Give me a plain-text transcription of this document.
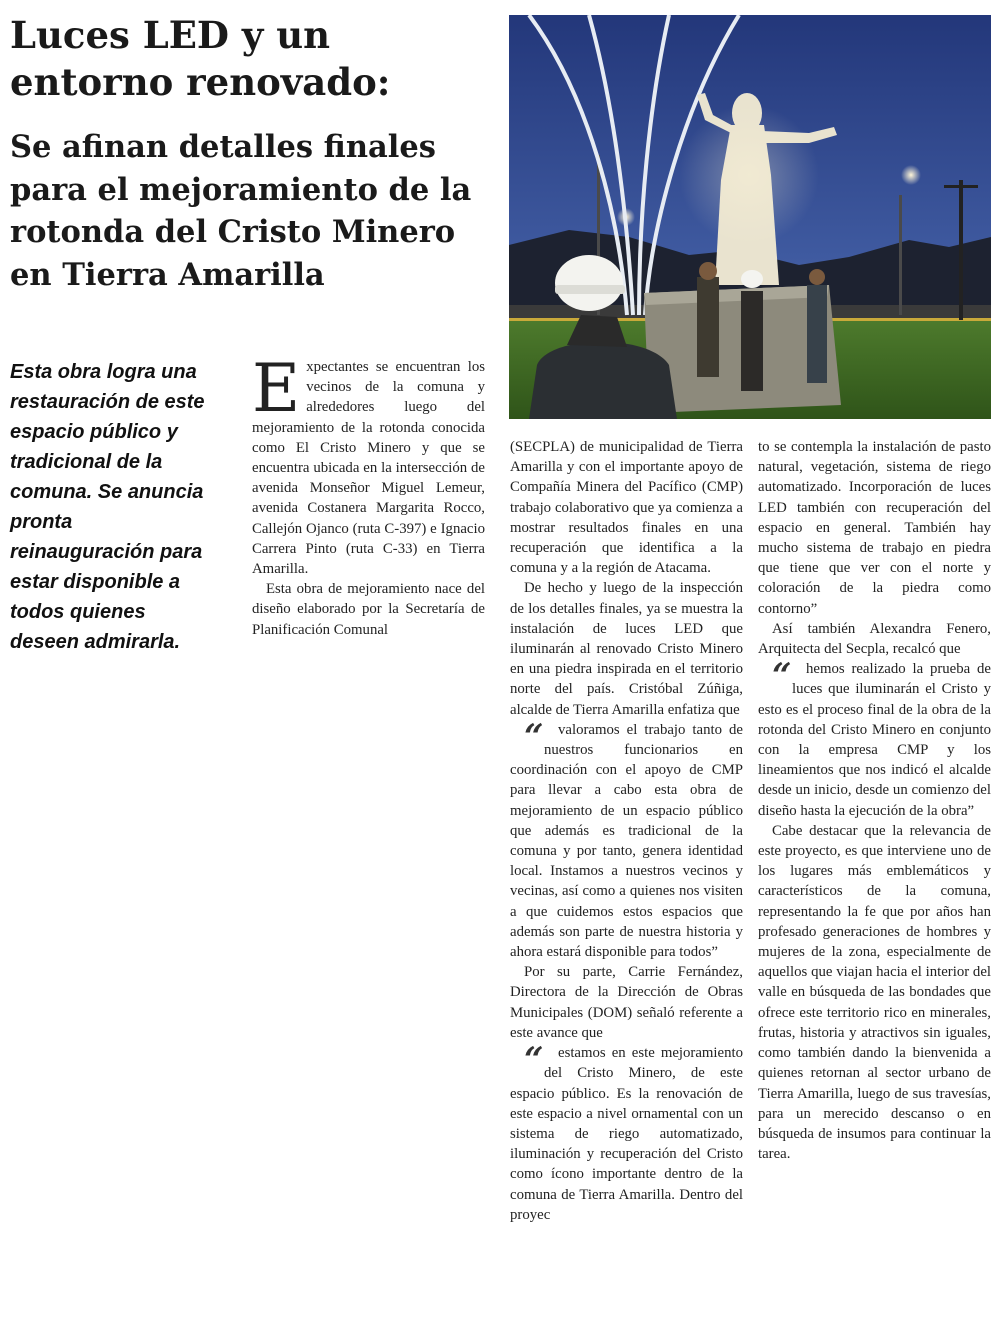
Luces LED y un entorno renovado:
Se afinan detalles finales para el mejoramiento de la rotonda del Cristo Minero en Tierra Amarilla

Esta obra logra una restauración de este espacio público y tradicional de la comuna. Se anuncia pronta reinauguración para estar disponible a todos quienes deseen admirarla.

Expectantes se encuentran los vecinos de la comuna y alrededores luego del mejoramiento de la rotonda conocida como El Cristo Minero y que se encuentra ubicada en la intersección de avenida Monseñor Miguel Lemeur, avenida Costanera Margarita Rocco, Callejón Ojanco (ruta C-397) e Ignacio Carrera Pinto (ruta C-33) en Tierra Amarilla.

Esta obra de mejoramiento nace del diseño elaborado por la Secretaría de Planificación Comunal

(SECPLA) de municipalidad de Tierra Amarilla y con el importante apoyo de Compañía Minera del Pacífico (CMP) trabajo colaborativo que ya comienza a mostrar resultados finales en una recuperación que identifica a la comuna y a la región de Atacama.

De hecho y luego de la inspección de los detalles finales, ya se muestra la instalación de luces LED que iluminarán al renovado Cristo Minero en una piedra inspirada en el territorio norte del país. Cristóbal Zúñiga, alcalde de Tierra Amarilla enfatiza que

“ valoramos el trabajo tanto de nuestros funcionarios en coordinación con el apoyo de CMP para llevar a cabo esta obra de mejoramiento de un espacio público que además es tradicional de la comuna y por tanto, genera identidad local. Instamos a nuestros vecinos y vecinas, así como a quienes nos visiten a que cuidemos estos espacios que además son parte de nuestra historia y ahora estará disponible para todos”

Por su parte, Carrie Fernández, Directora de la Dirección de Obras Municipales (DOM) señaló referente a este avance que

“ estamos en este mejoramiento del Cristo Minero, de este espacio público. Es la renovación de este espacio a nivel ornamental con un sistema de riego automatizado, iluminación y recuperación del Cristo como ícono importante dentro de la comuna de Tierra Amarilla. Dentro del proyec

to se contempla la instalación de pasto natural, vegetación, sistema de riego automatizado. Incorporación de luces LED también con recuperación del espacio en general. También hay mucho sistema de trabajo en piedra que tiene que ver con el norte y coloración de la piedra como contorno”

Así también Alexandra Fenero, Arquitecta del Secpla, recalcó que

“ hemos realizado la prueba de luces que iluminarán el Cristo y esto es el proceso final de la obra de la rotonda del Cristo Minero en conjunto con la empresa CMP y los lineamientos que nos indicó el alcalde desde un inicio, desde un comienzo del diseño hasta la ejecución de la obra”

Cabe destacar que la relevancia de este proyecto, es que interviene uno de los lugares más emblemáticos y característicos de la comuna, representando la fe que por años han profesado generaciones de hombres y mujeres de la zona, especialmente de aquellos que viajan hacia el interior del valle en búsqueda de las bondades que ofrece este territorio rico en minerales, frutas, historia y atractivos sin iguales, como también dando la bienvenida a quienes retornan al sector urbano de Tierra Amarilla, luego de sus travesías, para un merecido descanso o en búsqueda de insumos para continuar la tarea.
